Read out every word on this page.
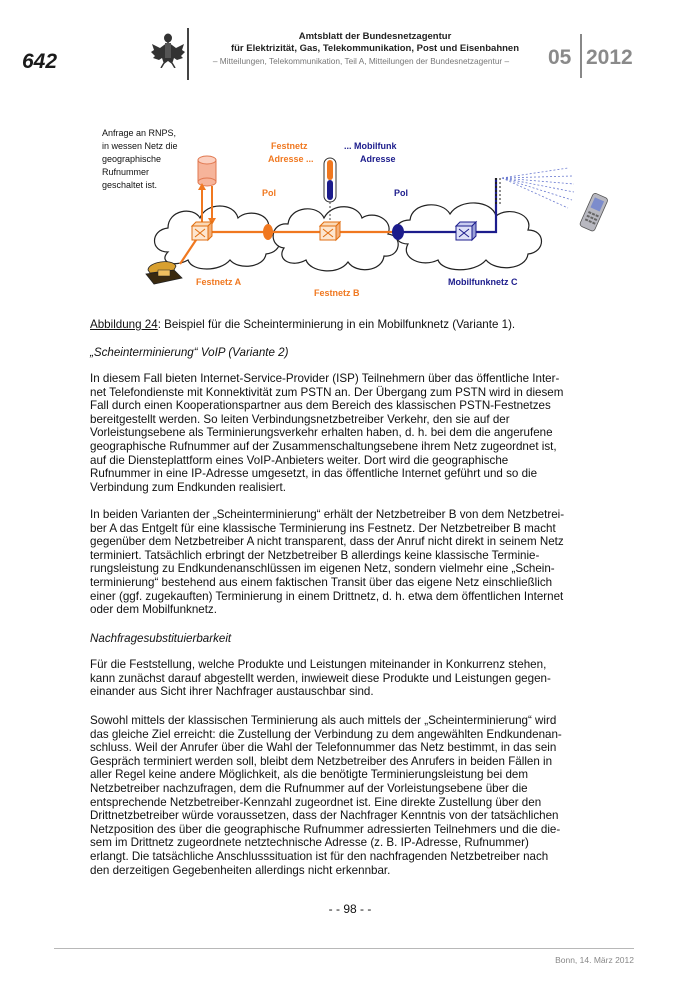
642
Amtsblatt der Bundesnetzagentur
für Elektrizität, Gas, Telekommunikation, Post und Eisenbahnen
– Mitteilungen, Telekommunikation, Teil A, Mitteilungen der Bundesnetzagentur –	05 2012
Anfrage an RNPS, in wessen Netz die geographische Rufnummer geschaltet ist.
Festnetz Adresse ...
... Mobilfunk Adresse
Pol	Pol
Festnetz A
Festnetz B
Mobilfunknetz C

Abbildung 24: Beispiel für die Scheinterminierung in ein Mobilfunknetz (Variante 1).

„Scheinterminierung“ VoIP (Variante 2)

In diesem Fall bieten Internet-Service-Provider (ISP) Teilnehmern über das öffentliche Inter-
net Telefondienste mit Konnektivität zum PSTN an. Der Übergang zum PSTN wird in diesem
Fall durch einen Kooperationspartner aus dem Bereich des klassischen PSTN-Festnetzes
bereitgestellt werden. So leiten Verbindungsnetzbetreiber Verkehr, den sie auf der
Vorleistungsebene als Terminierungsverkehr erhalten haben, d. h. bei dem die angerufene
geographische Rufnummer auf der Zusammenschaltungsebene ihrem Netz zugeordnet ist,
auf die Diensteplattform eines VoIP-Anbieters weiter. Dort wird die geographische
Rufnummer in eine IP-Adresse umgesetzt, in das öffentliche Internet geführt und so die
Verbindung zum Endkunden realisiert.
In beiden Varianten der „Scheinterminierung“ erhält der Netzbetreiber B von dem Netzbetrei-
ber A das Entgelt für eine klassische Terminierung ins Festnetz. Der Netzbetreiber B macht
gegenüber dem Netzbetreiber A nicht transparent, dass der Anruf nicht direkt in seinem Netz
terminiert. Tatsächlich erbringt der Netzbetreiber B allerdings keine klassische Terminie-
rungsleistung zu Endkundenanschlüssen im eigenen Netz, sondern vielmehr eine „Schein-
terminierung“ bestehend aus einem faktischen Transit über das eigene Netz einschließlich
einer (ggf. zugekauften) Terminierung in einem Drittnetz, d. h. etwa dem öffentlichen Internet
oder dem Mobilfunknetz.

Nachfragesubstituierbarkeit

Für die Feststellung, welche Produkte und Leistungen miteinander in Konkurrenz stehen,
kann zunächst darauf abgestellt werden, inwieweit diese Produkte und Leistungen gegen-
einander aus Sicht ihrer Nachfrager austauschbar sind.
Sowohl mittels der klassischen Terminierung als auch mittels der „Scheinterminierung“ wird
das gleiche Ziel erreicht: die Zustellung der Verbindung zu dem angewählten Endkundenan-
schluss. Weil der Anrufer über die Wahl der Telefonnummer das Netz bestimmt, in das sein
Gespräch terminiert werden soll, bleibt dem Netzbetreiber des Anrufers in beiden Fällen in
aller Regel keine andere Möglichkeit, als die benötigte Terminierungsleistung bei dem
Netzbetreiber nachzufragen, dem die Rufnummer auf der Vorleistungsebene über die
entsprechende Netzbetreiber-Kennzahl zugeordnet ist. Eine direkte Zustellung über den
Drittnetzbetreiber würde voraussetzen, dass der Nachfrager Kenntnis von der tatsächlichen
Netzposition des über die geographische Rufnummer adressierten Teilnehmers und die die-
sem im Drittnetz zugeordnete netztechnische Adresse (z. B. IP-Adresse, Rufnummer)
erlangt. Die tatsächliche Anschlusssituation ist für den nachfragenden Netzbetreiber nach
den derzeitigen Gegebenheiten allerdings nicht erkennbar.
- - 98 - -
Bonn, 14. März 2012
